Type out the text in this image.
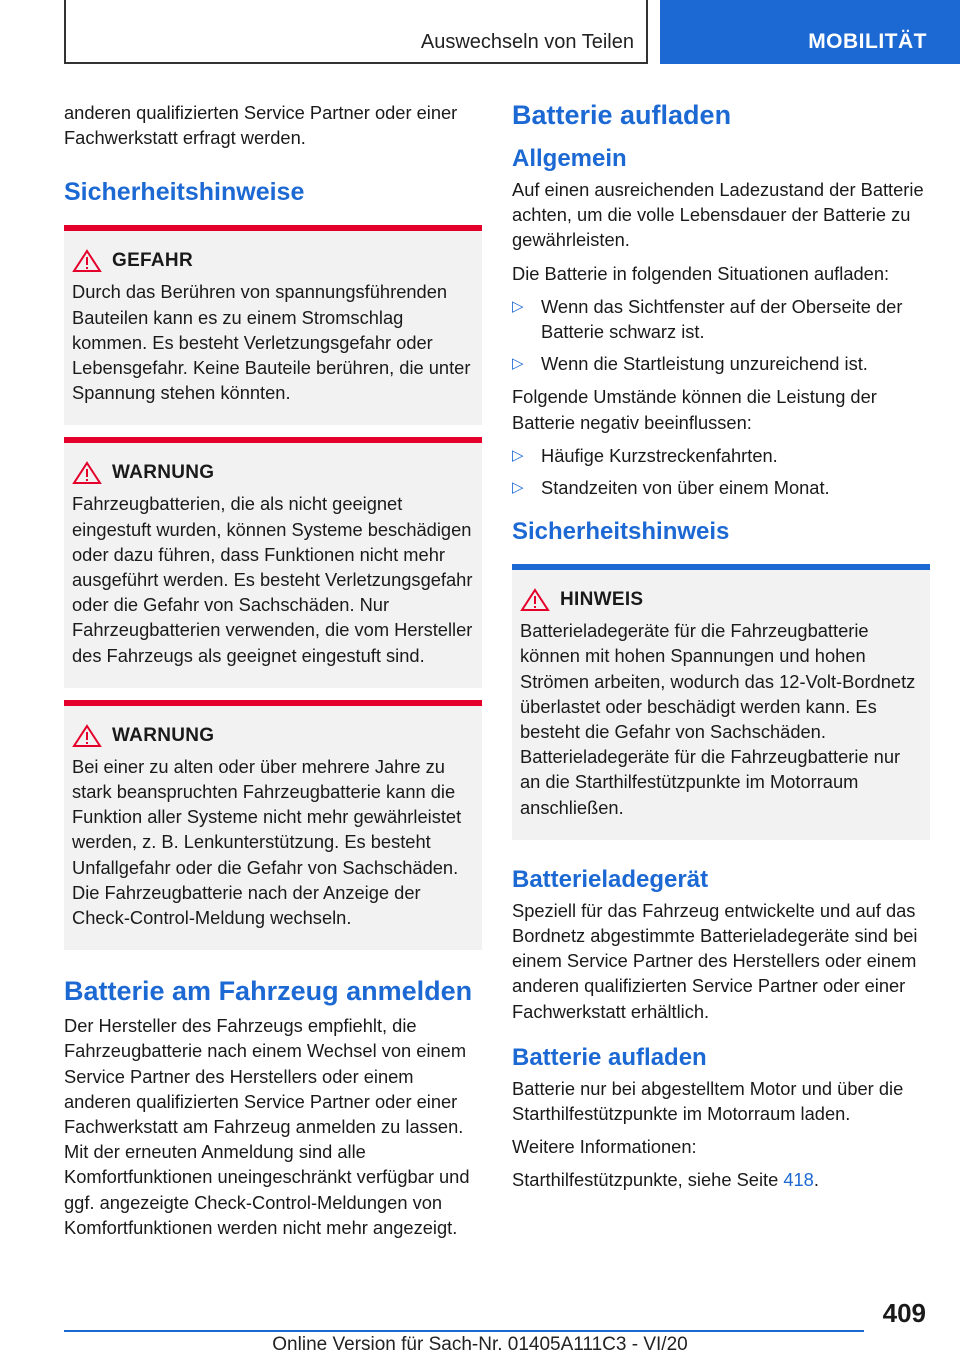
Auswechseln von Teilen	MOBILITÄT

anderen qualifizierten Service Partner oder einer Fachwerkstatt erfragt werden.

Sicherheitshinweise
GEFAHR

Durch das Berühren von spannungsführenden Bauteilen kann es zu einem Stromschlag kommen. Es besteht Verletzungsgefahr oder Lebensgefahr. Keine Bauteile berühren, die unter Spannung stehen könnten.

WARNUNG

Fahrzeugbatterien, die als nicht geeignet eingestuft wurden, können Systeme beschädigen oder dazu führen, dass Funktionen nicht mehr ausgeführt werden. Es besteht Verletzungsgefahr oder die Gefahr von Sachschäden. Nur Fahrzeugbatterien verwenden, die vom Hersteller des Fahrzeugs als geeignet eingestuft sind.

WARNUNG

Bei einer zu alten oder über mehrere Jahre zu stark beanspruchten Fahrzeugbatterie kann die Funktion aller Systeme nicht mehr gewährleistet werden, z. B. Lenkunterstützung. Es besteht Unfallgefahr oder die Gefahr von Sachschäden. Die Fahrzeugbatterie nach der Anzeige der Check-Control-Meldung wechseln.

Batterie am Fahrzeug anmelden

Der Hersteller des Fahrzeugs empfiehlt, die Fahrzeugbatterie nach einem Wechsel von einem Service Partner des Herstellers oder einem anderen qualifizierten Service Partner oder einer Fachwerkstatt am Fahrzeug anmelden zu lassen. Mit der erneuten Anmeldung sind alle Komfortfunktionen uneingeschränkt verfügbar und ggf. angezeigte Check-Control-Meldungen von Komfortfunktionen werden nicht mehr angezeigt.

Batterie aufladen
Allgemein

Auf einen ausreichenden Ladezustand der Batterie achten, um die volle Lebensdauer der Batterie zu gewährleisten.

Die Batterie in folgenden Situationen aufladen:

▷ Wenn das Sichtfenster auf der Oberseite der Batterie schwarz ist.
▷ Wenn die Startleistung unzureichend ist.

Folgende Umstände können die Leistung der Batterie negativ beeinflussen:

▷ Häufige Kurzstreckenfahrten.
▷ Standzeiten von über einem Monat.
Sicherheitshinweis
HINWEIS

Batterieladegeräte für die Fahrzeugbatterie können mit hohen Spannungen und hohen Strömen arbeiten, wodurch das 12-Volt-Bordnetz überlastet oder beschädigt werden kann. Es besteht die Gefahr von Sachschäden. Batterieladegeräte für die Fahrzeugbatterie nur an die Starthilfestützpunkte im Motorraum anschließen.

Batterieladegerät

Speziell für das Fahrzeug entwickelte und auf das Bordnetz abgestimmte Batterieladegeräte sind bei einem Service Partner des Herstellers oder einem anderen qualifizierten Service Partner oder einer Fachwerkstatt erhältlich.

Batterie aufladen

Batterie nur bei abgestelltem Motor und über die Starthilfestützpunkte im Motorraum laden.

Weitere Informationen:

Starthilfestützpunkte, siehe Seite 418.

409
Online Version für Sach-Nr. 01405A111C3 - VI/20
